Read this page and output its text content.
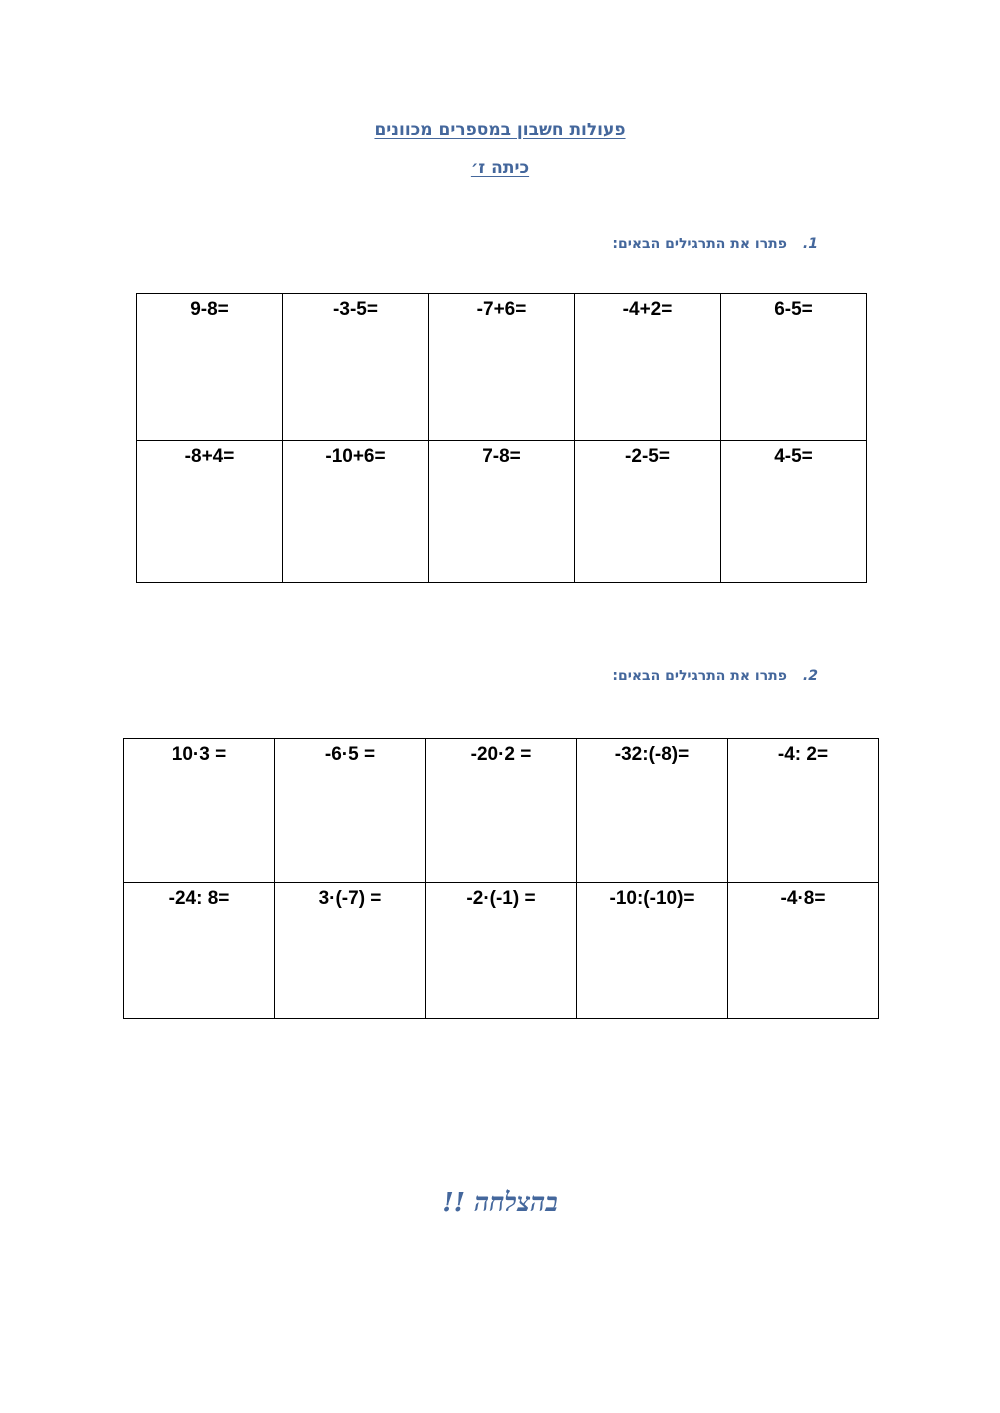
פעולות חשבון במספרים מכוונים
כיתה ז׳
1.פתרו את התרגילים הבאים:
6-5=	-4+2=	-7+6=	-3-5=	9-8=
4-5=	-2-5=	7-8=	-10+6=	-8+4=
2.פתרו את התרגילים הבאים:
-4: 2=	-32:(-8)=	-20·2 =	-6·5 =	10·3 =
-4·8=	-10:(-10)=	-2·(-1) =	3·(-7) =	-24: 8=
בהצלחה !!
